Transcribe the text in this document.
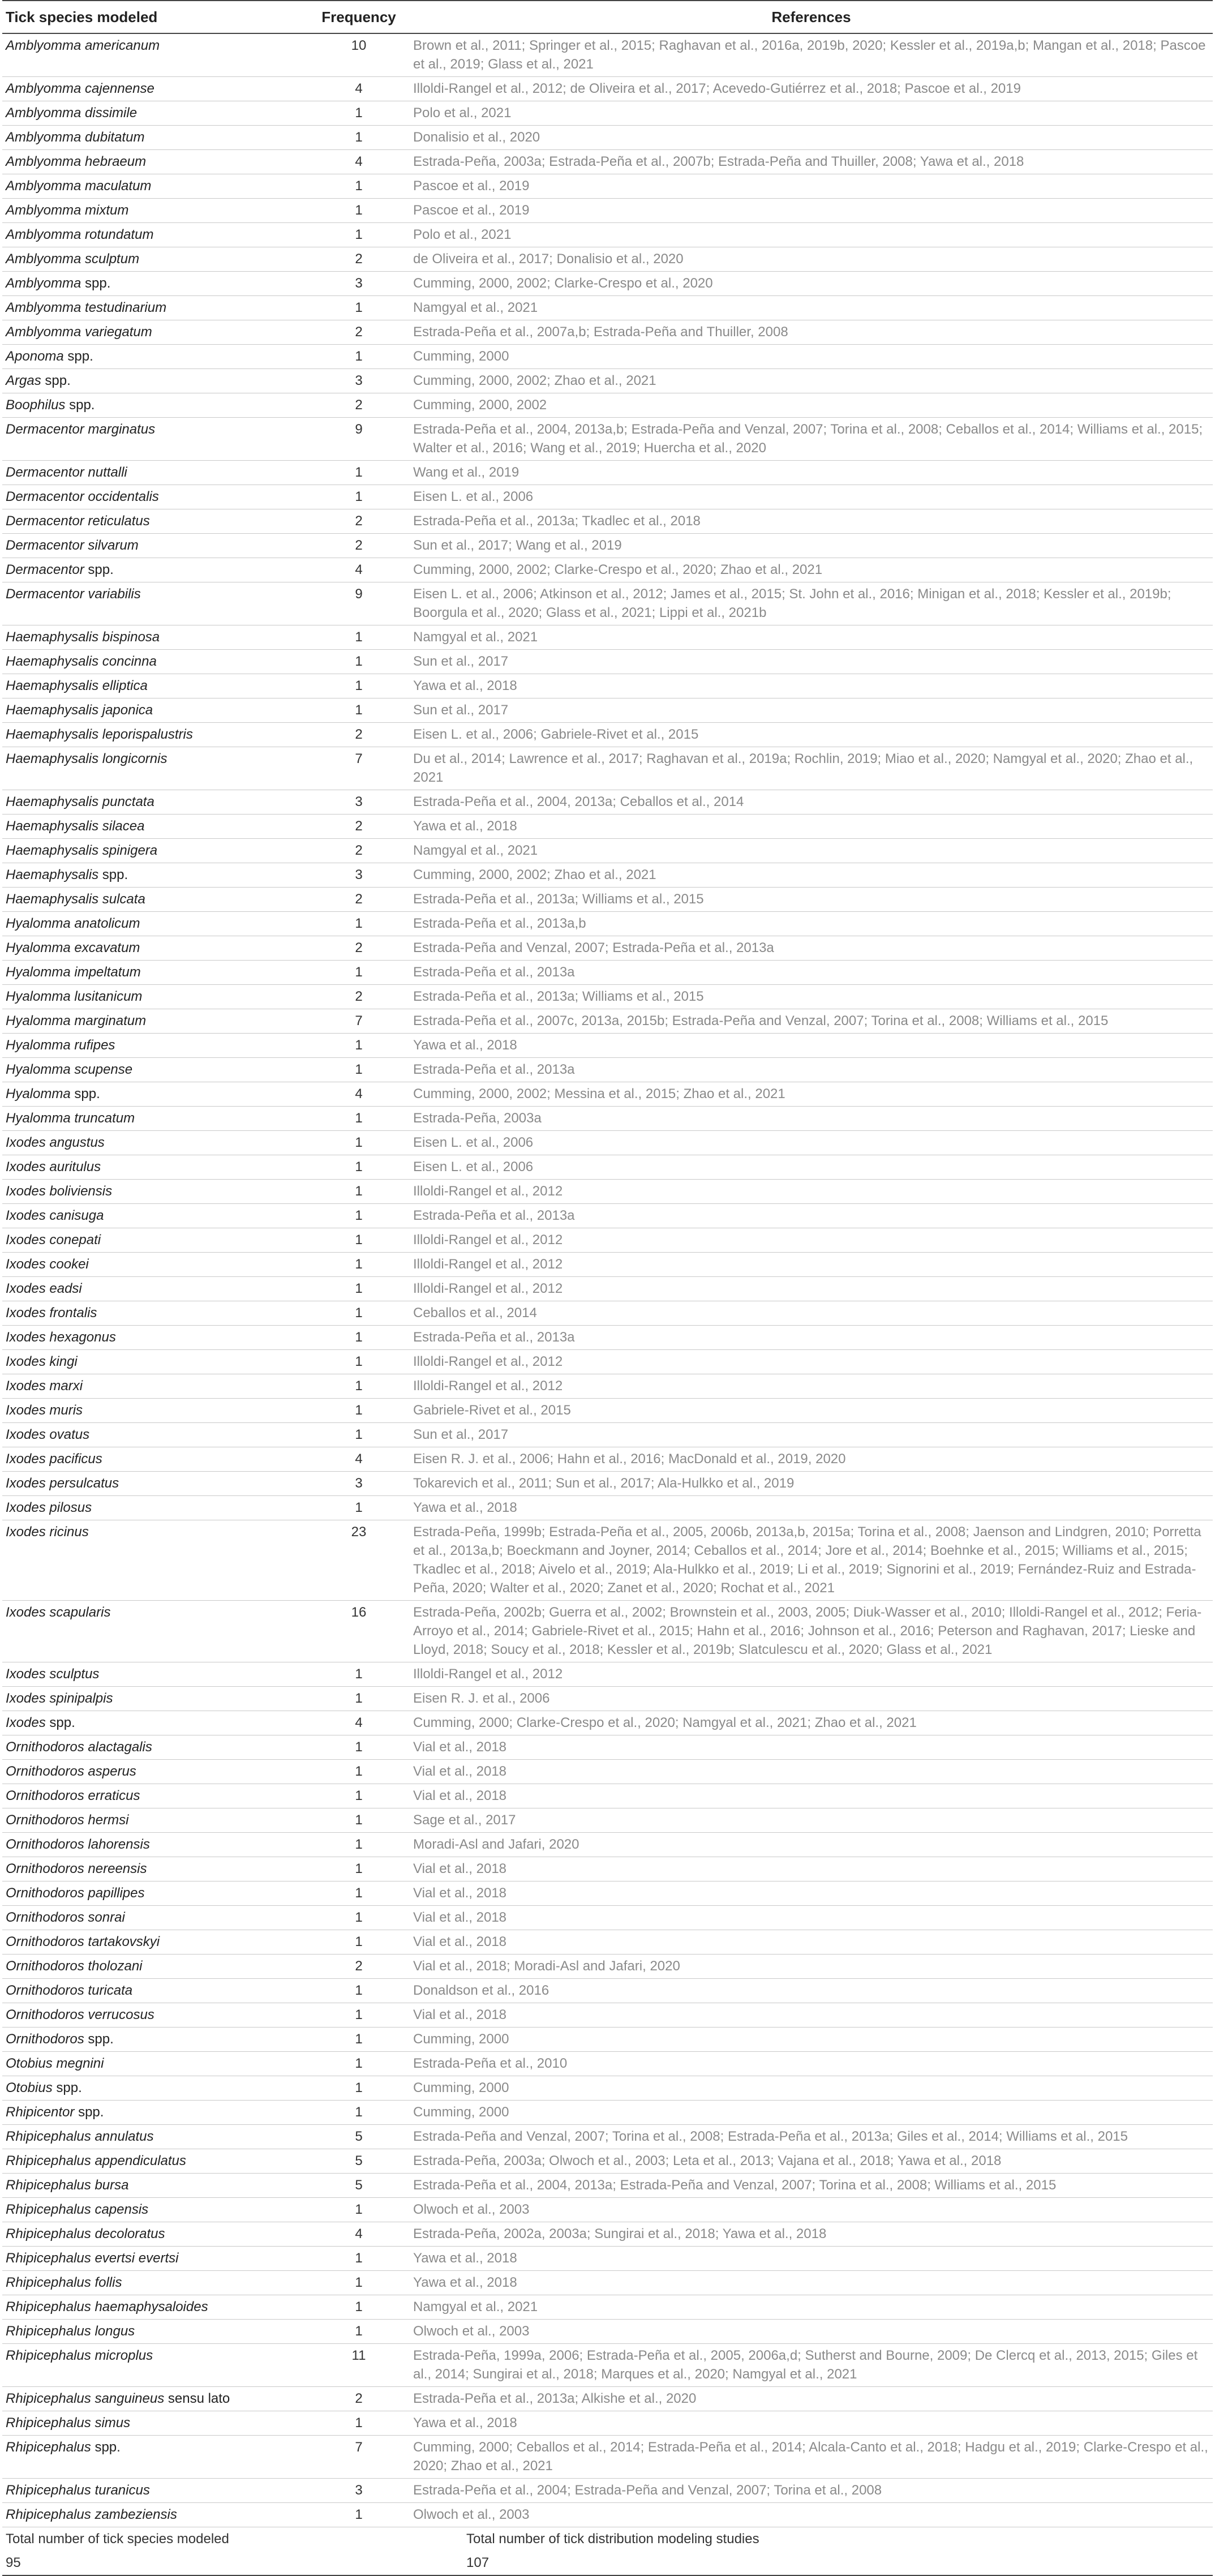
Tick species modeled	Frequency	References
Amblyomma americanum	10	Brown et al., 2011; Springer et al., 2015; Raghavan et al., 2016a, 2019b, 2020; Kessler et al., 2019a,b; Mangan et al., 2018; Pascoe et al., 2019; Glass et al., 2021
Amblyomma cajennense	4	Illoldi-Rangel et al., 2012; de Oliveira et al., 2017; Acevedo-Gutiérrez et al., 2018; Pascoe et al., 2019
Amblyomma dissimile	1	Polo et al., 2021
Amblyomma dubitatum	1	Donalisio et al., 2020
Amblyomma hebraeum	4	Estrada-Peña, 2003a; Estrada-Peña et al., 2007b; Estrada-Peña and Thuiller, 2008; Yawa et al., 2018
Amblyomma maculatum	1	Pascoe et al., 2019
Amblyomma mixtum	1	Pascoe et al., 2019
Amblyomma rotundatum	1	Polo et al., 2021
Amblyomma sculptum	2	de Oliveira et al., 2017; Donalisio et al., 2020
Amblyomma spp.	3	Cumming, 2000, 2002; Clarke-Crespo et al., 2020
Amblyomma testudinarium	1	Namgyal et al., 2021
Amblyomma variegatum	2	Estrada-Peña et al., 2007a,b; Estrada-Peña and Thuiller, 2008
Aponoma spp.	1	Cumming, 2000
Argas spp.	3	Cumming, 2000, 2002; Zhao et al., 2021
Boophilus spp.	2	Cumming, 2000, 2002
Dermacentor marginatus	9	Estrada-Peña et al., 2004, 2013a,b; Estrada-Peña and Venzal, 2007; Torina et al., 2008; Ceballos et al., 2014; Williams et al., 2015; Walter et al., 2016; Wang et al., 2019; Huercha et al., 2020
Dermacentor nuttalli	1	Wang et al., 2019
Dermacentor occidentalis	1	Eisen L. et al., 2006
Dermacentor reticulatus	2	Estrada-Peña et al., 2013a; Tkadlec et al., 2018
Dermacentor silvarum	2	Sun et al., 2017; Wang et al., 2019
Dermacentor spp.	4	Cumming, 2000, 2002; Clarke-Crespo et al., 2020; Zhao et al., 2021
Dermacentor variabilis	9	Eisen L. et al., 2006; Atkinson et al., 2012; James et al., 2015; St. John et al., 2016; Minigan et al., 2018; Kessler et al., 2019b; Boorgula et al., 2020; Glass et al., 2021; Lippi et al., 2021b
Haemaphysalis bispinosa	1	Namgyal et al., 2021
Haemaphysalis concinna	1	Sun et al., 2017
Haemaphysalis elliptica	1	Yawa et al., 2018
Haemaphysalis japonica	1	Sun et al., 2017
Haemaphysalis leporispalustris	2	Eisen L. et al., 2006; Gabriele-Rivet et al., 2015
Haemaphysalis longicornis	7	Du et al., 2014; Lawrence et al., 2017; Raghavan et al., 2019a; Rochlin, 2019; Miao et al., 2020; Namgyal et al., 2020; Zhao et al., 2021
Haemaphysalis punctata	3	Estrada-Peña et al., 2004, 2013a; Ceballos et al., 2014
Haemaphysalis silacea	2	Yawa et al., 2018
Haemaphysalis spinigera	2	Namgyal et al., 2021
Haemaphysalis spp.	3	Cumming, 2000, 2002; Zhao et al., 2021
Haemaphysalis sulcata	2	Estrada-Peña et al., 2013a; Williams et al., 2015
Hyalomma anatolicum	1	Estrada-Peña et al., 2013a,b
Hyalomma excavatum	2	Estrada-Peña and Venzal, 2007; Estrada-Peña et al., 2013a
Hyalomma impeltatum	1	Estrada-Peña et al., 2013a
Hyalomma lusitanicum	2	Estrada-Peña et al., 2013a; Williams et al., 2015
Hyalomma marginatum	7	Estrada-Peña et al., 2007c, 2013a, 2015b; Estrada-Peña and Venzal, 2007; Torina et al., 2008; Williams et al., 2015
Hyalomma rufipes	1	Yawa et al., 2018
Hyalomma scupense	1	Estrada-Peña et al., 2013a
Hyalomma spp.	4	Cumming, 2000, 2002; Messina et al., 2015; Zhao et al., 2021
Hyalomma truncatum	1	Estrada-Peña, 2003a
Ixodes angustus	1	Eisen L. et al., 2006
Ixodes auritulus	1	Eisen L. et al., 2006
Ixodes boliviensis	1	Illoldi-Rangel et al., 2012
Ixodes canisuga	1	Estrada-Peña et al., 2013a
Ixodes conepati	1	Illoldi-Rangel et al., 2012
Ixodes cookei	1	Illoldi-Rangel et al., 2012
Ixodes eadsi	1	Illoldi-Rangel et al., 2012
Ixodes frontalis	1	Ceballos et al., 2014
Ixodes hexagonus	1	Estrada-Peña et al., 2013a
Ixodes kingi	1	Illoldi-Rangel et al., 2012
Ixodes marxi	1	Illoldi-Rangel et al., 2012
Ixodes muris	1	Gabriele-Rivet et al., 2015
Ixodes ovatus	1	Sun et al., 2017
Ixodes pacificus	4	Eisen R. J. et al., 2006; Hahn et al., 2016; MacDonald et al., 2019, 2020
Ixodes persulcatus	3	Tokarevich et al., 2011; Sun et al., 2017; Ala-Hulkko et al., 2019
Ixodes pilosus	1	Yawa et al., 2018
Ixodes ricinus	23	Estrada-Peña, 1999b; Estrada-Peña et al., 2005, 2006b, 2013a,b, 2015a; Torina et al., 2008; Jaenson and Lindgren, 2010; Porretta et al., 2013a,b; Boeckmann and Joyner, 2014; Ceballos et al., 2014; Jore et al., 2014; Boehnke et al., 2015; Williams et al., 2015; Tkadlec et al., 2018; Aivelo et al., 2019; Ala-Hulkko et al., 2019; Li et al., 2019; Signorini et al., 2019; Fernández-Ruiz and Estrada-Peña, 2020; Walter et al., 2020; Zanet et al., 2020; Rochat et al., 2021
Ixodes scapularis	16	Estrada-Peña, 2002b; Guerra et al., 2002; Brownstein et al., 2003, 2005; Diuk-Wasser et al., 2010; Illoldi-Rangel et al., 2012; Feria-Arroyo et al., 2014; Gabriele-Rivet et al., 2015; Hahn et al., 2016; Johnson et al., 2016; Peterson and Raghavan, 2017; Lieske and Lloyd, 2018; Soucy et al., 2018; Kessler et al., 2019b; Slatculescu et al., 2020; Glass et al., 2021
Ixodes sculptus	1	Illoldi-Rangel et al., 2012
Ixodes spinipalpis	1	Eisen R. J. et al., 2006
Ixodes spp.	4	Cumming, 2000; Clarke-Crespo et al., 2020; Namgyal et al., 2021; Zhao et al., 2021
Ornithodoros alactagalis	1	Vial et al., 2018
Ornithodoros asperus	1	Vial et al., 2018
Ornithodoros erraticus	1	Vial et al., 2018
Ornithodoros hermsi	1	Sage et al., 2017
Ornithodoros lahorensis	1	Moradi-Asl and Jafari, 2020
Ornithodoros nereensis	1	Vial et al., 2018
Ornithodoros papillipes	1	Vial et al., 2018
Ornithodoros sonrai	1	Vial et al., 2018
Ornithodoros tartakovskyi	1	Vial et al., 2018
Ornithodoros tholozani	2	Vial et al., 2018; Moradi-Asl and Jafari, 2020
Ornithodoros turicata	1	Donaldson et al., 2016
Ornithodoros verrucosus	1	Vial et al., 2018
Ornithodoros spp.	1	Cumming, 2000
Otobius megnini	1	Estrada-Peña et al., 2010
Otobius spp.	1	Cumming, 2000
Rhipicentor spp.	1	Cumming, 2000
Rhipicephalus annulatus	5	Estrada-Peña and Venzal, 2007; Torina et al., 2008; Estrada-Peña et al., 2013a; Giles et al., 2014; Williams et al., 2015
Rhipicephalus appendiculatus	5	Estrada-Peña, 2003a; Olwoch et al., 2003; Leta et al., 2013; Vajana et al., 2018; Yawa et al., 2018
Rhipicephalus bursa	5	Estrada-Peña et al., 2004, 2013a; Estrada-Peña and Venzal, 2007; Torina et al., 2008; Williams et al., 2015
Rhipicephalus capensis	1	Olwoch et al., 2003
Rhipicephalus decoloratus	4	Estrada-Peña, 2002a, 2003a; Sungirai et al., 2018; Yawa et al., 2018
Rhipicephalus evertsi evertsi	1	Yawa et al., 2018
Rhipicephalus follis	1	Yawa et al., 2018
Rhipicephalus haemaphysaloides	1	Namgyal et al., 2021
Rhipicephalus longus	1	Olwoch et al., 2003
Rhipicephalus microplus	11	Estrada-Peña, 1999a, 2006; Estrada-Peña et al., 2005, 2006a,d; Sutherst and Bourne, 2009; De Clercq et al., 2013, 2015; Giles et al., 2014; Sungirai et al., 2018; Marques et al., 2020; Namgyal et al., 2021
Rhipicephalus sanguineus sensu lato	2	Estrada-Peña et al., 2013a; Alkishe et al., 2020
Rhipicephalus simus	1	Yawa et al., 2018
Rhipicephalus spp.	7	Cumming, 2000; Ceballos et al., 2014; Estrada-Peña et al., 2014; Alcala-Canto et al., 2018; Hadgu et al., 2019; Clarke-Crespo et al., 2020; Zhao et al., 2021
Rhipicephalus turanicus	3	Estrada-Peña et al., 2004; Estrada-Peña and Venzal, 2007; Torina et al., 2008
Rhipicephalus zambeziensis	1	Olwoch et al., 2003
Total number of tick species modeled		Total number of tick distribution modeling studies
95		107
